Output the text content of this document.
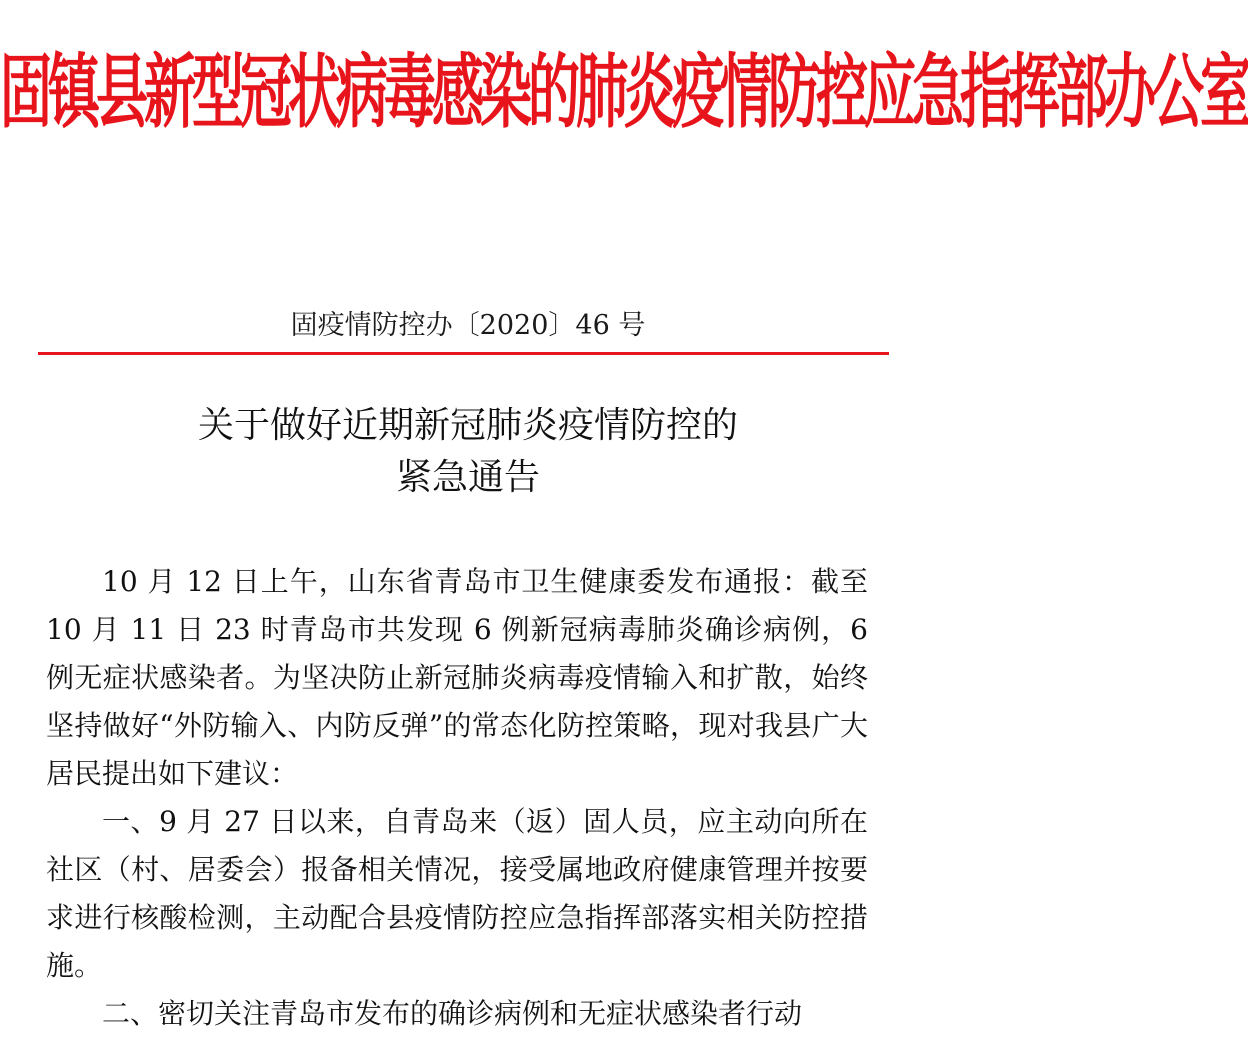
固镇县新型冠状病毒感染的肺炎疫情防控应急指挥部办公室
固疫情防控办〔2020〕46 号
关于做好近期新冠肺炎疫情防控的
紧急通告

10 月 12 日上午，山东省青岛市卫生健康委发布通报：截至 10 月 11 日 23 时青岛市共发现 6 例新冠病毒肺炎确诊病例，6 例无症状感染者。为坚决防止新冠肺炎病毒疫情输入和扩散，始终坚持做好“外防输入、内防反弹”的常态化防控策略，现对我县广大居民提出如下建议：

一、9 月 27 日以来，自青岛来（返）固人员，应主动向所在社区（村、居委会）报备相关情况，接受属地政府健康管理并按要求进行核酸检测，主动配合县疫情防控应急指挥部落实相关防控措施。

二、密切关注青岛市发布的确诊病例和无症状感染者行动
